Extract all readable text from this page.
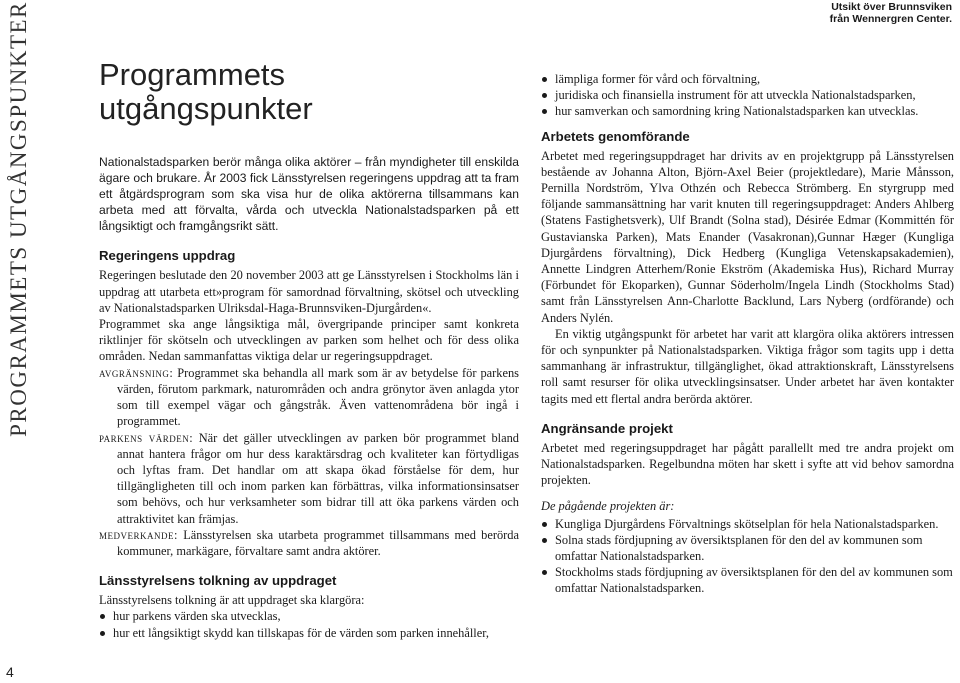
PROGRAMMETS UTGÅNGSPUNKTER
4
Utsikt över Brunnsviken
från Wennergren Center.
Programmets
utgångspunkter

Nationalstadsparken berör många olika aktörer – från myndigheter till enskilda ägare och brukare. År 2003 fick Länsstyrelsen regeringens uppdrag att ta fram ett åtgärdsprogram som ska visa hur de olika aktörerna tillsammans kan arbeta med att förvalta, vårda och utveckla Nationalstadsparken på ett långsiktigt och framgångsrikt sätt.

Regeringens uppdrag

Regeringen beslutade den 20 november 2003 att ge Länsstyrelsen i Stockholms län i uppdrag att utarbeta ett»program för samordnad förvaltning, skötsel och utveckling av Nationalstadsparken Ulriksdal-Haga-Brunnsviken-Djurgården«.

Programmet ska ange långsiktiga mål, övergripande principer samt konkreta riktlinjer för skötseln och utvecklingen av parken som helhet och för dess olika områden. Nedan sammanfattas viktiga delar ur regeringsuppdraget.

avgränsning: Programmet ska behandla all mark som är av betydelse för parkens värden, förutom parkmark, naturområden och andra grönytor även anlagda ytor som till exempel vägar och gångstråk. Även vattenområdena bör ingå i programmet.

parkens värden: När det gäller utvecklingen av parken bör programmet bland annat hantera frågor om hur dess karaktärsdrag och kvaliteter kan förtydligas och lyftas fram. Det handlar om att skapa ökad förståelse för dem, hur tillgängligheten till och inom parken kan förbättras, vilka informationsinsatser som behövs, och hur verksamheter som bidrar till att öka parkens värden och attraktivitet kan främjas.

medverkande: Länsstyrelsen ska utarbeta programmet tillsammans med berörda kommuner, markägare, förvaltare samt andra aktörer.

Länsstyrelsens tolkning av uppdraget

Länsstyrelsens tolkning är att uppdraget ska klargöra:

hur parkens värden ska utvecklas,
hur ett långsiktigt skydd kan tillskapas för de värden som parken innehåller,
lämpliga former för vård och förvaltning,
juridiska och finansiella instrument för att utveckla Nationalstadsparken,
hur samverkan och samordning kring Nationalstadsparken kan utvecklas.
Arbetets genomförande

Arbetet med regeringsuppdraget har drivits av en projektgrupp på Länsstyrelsen bestående av Johanna Alton, Björn-Axel Beier (projektledare), Marie Månsson, Pernilla Nordström, Ylva Othzén och Rebecca Strömberg. En styrgrupp med följande sammansättning har varit knuten till regeringsuppdraget: Anders Ahlberg (Statens Fastighetsverk), Ulf Brandt (Solna stad), Désirée Edmar (Kommittén för Gustavianska Parken), Mats Enander (Vasakronan),Gunnar Hæger (Kungliga Djurgårdens förvaltning), Dick Hedberg (Kungliga Vetenskapsakademien), Annette Lindgren Atterhem/Ronie Ekström (Akademiska Hus), Richard Murray (Förbundet för Ekoparken), Gunnar Söderholm/Ingela Lindh (Stockholms Stad) samt från Länsstyrelsen Ann-Charlotte Backlund, Lars Nyberg (ordförande) och Anders Nylén.

En viktig utgångspunkt för arbetet har varit att klargöra olika aktörers intressen för och synpunkter på Nationalstadsparken. Viktiga frågor som tagits upp i detta sammanhang är infrastruktur, tillgänglighet, ökad attraktionskraft, Länsstyrelsens roll samt resurser för olika utvecklingsinsatser. Under arbetet har även kontakter tagits med ett flertal andra berörda aktörer.

Angränsande projekt

Arbetet med regeringsuppdraget har pågått parallellt med tre andra projekt om Nationalstadsparken. Regelbundna möten har skett i syfte att vid behov samordna projekten.

De pågående projekten är:

Kungliga Djurgårdens Förvaltnings skötselplan för hela Nationalstadsparken.
Solna stads fördjupning av översiktsplanen för den del av kommunen som omfattar Nationalstadsparken.
Stockholms stads fördjupning av översiktsplanen för den del av kommunen som omfattar Nationalstadsparken.
